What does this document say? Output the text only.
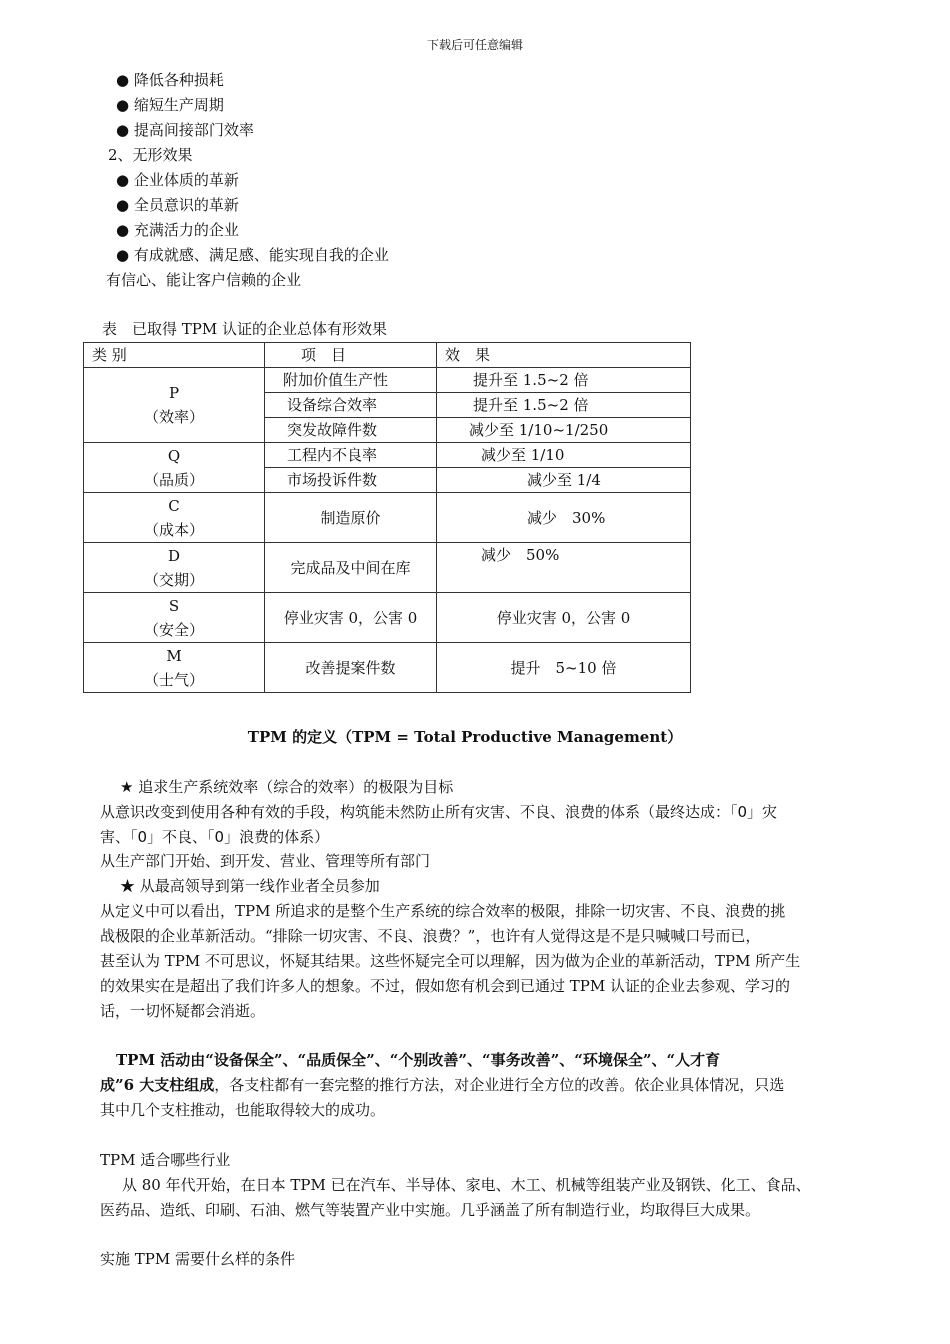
下载后可任意编辑
● 降低各种损耗
● 缩短生产周期
● 提高间接部门效率
2、无形效果
● 企业体质的革新
● 全员意识的革新
● 充满活力的企业
● 有成就感、满足感、能实现自我的企业
有信心、能让客户信赖的企业
表　已取得 TPM 认证的企业总体有形效果
类 别	项　目	效　果

P
（效率）	附加价值生产性	提升至 1.5~2 倍
	设备综合效率	提升至 1.5~2 倍
	突发故障件数	减少至 1/10~1/250

Q
（品质）	工程内不良率	减少至 1/10
	市场投诉件数	减少至 1/4

C
（成本）	制造原价	减少　30%

D
（交期）	完成品及中间在库	减少　50%

S
（安全）	停业灾害 0，公害 0	停业灾害 0，公害 0

M
（士气）	改善提案件数	提升　5~10 倍
TPM 的定义（TPM = Total Productive Management）
★ 追求生产系统效率（综合的效率）的极限为目标
从意识改变到使用各种有效的手段，构筑能未然防止所有灾害、不良、浪费的体系（最终达成：「0」灾
害、「0」不良、「0」浪费的体系）
从生产部门开始、到开发、营业、管理等所有部门
★ 从最高领导到第一线作业者全员参加
从定义中可以看出，TPM 所追求的是整个生产系统的综合效率的极限，排除一切灾害、不良、浪费的挑
战极限的企业革新活动。“排除一切灾害、不良、浪费？”，也许有人觉得这是不是只喊喊口号而已，
甚至认为 TPM 不可思议，怀疑其结果。这些怀疑完全可以理解，因为做为企业的革新活动，TPM 所产生
的效果实在是超出了我们许多人的想象。不过，假如您有机会到已通过 TPM 认证的企业去参观、学习的
话，一切怀疑都会消逝。
TPM 活动由“设备保全”、“品质保全”、“个别改善”、“事务改善”、“环境保全”、“人才育
成”6 大支柱组成，各支柱都有一套完整的推行方法，对企业进行全方位的改善。依企业具体情况，只选
其中几个支柱推动，也能取得较大的成功。
TPM 适合哪些行业
从 80 年代开始，在日本 TPM 已在汽车、半导体、家电、木工、机械等组装产业及钢铁、化工、食品、
医药品、造纸、印刷、石油、燃气等装置产业中实施。几乎涵盖了所有制造行业，均取得巨大成果。
实施 TPM 需要什幺样的条件
